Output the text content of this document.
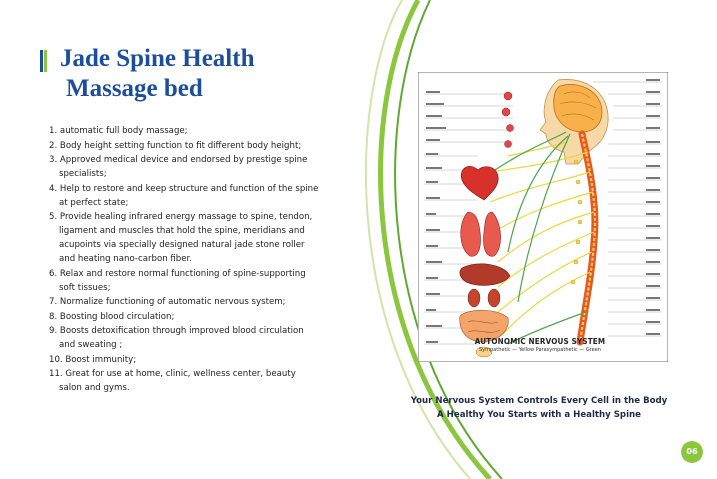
Jade Spine Health
Massage bed
1. automatic full body massage;
2. Body height setting function to fit different body height;
3. Approved medical device and endorsed by prestige spine specialists;
4. Help to restore and keep structure and function of the spine at perfect state;
5. Provide healing infrared energy massage to spine, tendon, ligament and muscles that hold the spine, meridians and acupoints via specially designed natural jade stone roller and heating nano-carbon fiber.
6. Relax and restore normal functioning of spine-supporting soft tissues;
7. Normalize functioning of automatic nervous system;
8. Boosting blood circulation;
9. Boosts detoxification through improved blood circulation and sweating ;
10. Boost immunity;
11. Great for use at home, clinic, wellness center, beauty salon and gyms.
AUTONOMIC NERVOUS SYSTEM
Sympathetic — Yellow Parasympathetic — Green
Your Nervous System Controls Every Cell in the Body
A Healthy You Starts with a Healthy Spine
06
